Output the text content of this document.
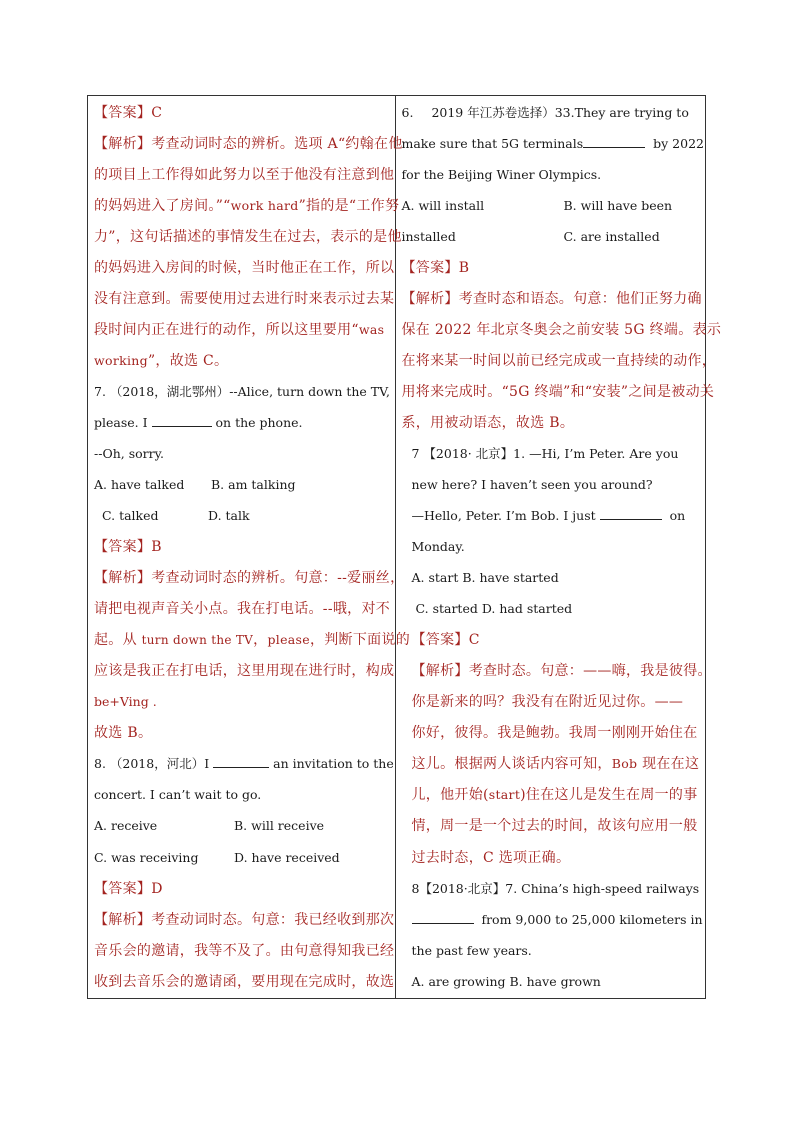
【答案】C
【解析】考查动词时态的辨析。选项 A“约翰在他
的项目上工作得如此努力以至于他没有注意到他
的妈妈进入了房间。”“work hard”指的是“工作努
力”，这句话描述的事情发生在过去，表示的是他
的妈妈进入房间的时候，当时他正在工作，所以
没有注意到。需要使用过去进行时来表示过去某
段时间内正在进行的动作，所以这里要用“was
working”，故选 C。
7. （2018，湖北鄂州）--Alice, turn down the TV,
please. I	on the phone.
--Oh, sorry.
A. have talked B. am talking
C. talked	D. talk
【答案】B
【解析】考查动词时态的辨析。句意：--爱丽丝，
请把电视声音关小点。我在打电话。--哦，对不
起。从 turn down the TV，please，判断下面说的
应该是我正在打电话，这里用现在进行时，构成
be+Ving .
故选 B。
8. （2018，河北）I	an invitation to the
concert. I can’t wait to go.
A. receive	B. will receive
C. was receiving	D. have received
【答案】D
【解析】考查动词时态。句意：我已经收到那次
音乐会的邀请，我等不及了。由句意得知我已经
收到去音乐会的邀请函，要用现在完成时，故选
6. 2019 年江苏卷选择）33.They are trying to
make sure that 5G terminals	by 2022
for the Beijing Winer Olympics.
A. will install	B. will have been
installed	C. are installed
【答案】B
【解析】考查时态和语态。句意：他们正努力确
保在 2022 年北京冬奥会之前安装 5G 终端。表示
在将来某一时间以前已经完成或一直持续的动作，
用将来完成时。“5G 终端”和“安装”之间是被动关
系，用被动语态，故选 B。
7 【2018· 北京】1. —Hi, I’m Peter. Are you
new here? I haven’t seen you around?
—Hello, Peter. I’m Bob. I just	on
Monday.
A. start B. have started
C. started D. had started
【答案】C
【解析】考查时态。句意：——嗨，我是彼得。
你是新来的吗？我没有在附近见过你。——
你好，彼得。我是鲍勃。我周一刚刚开始住在
这儿。根据两人谈话内容可知，Bob 现在在这
儿，他开始(start)住在这儿是发生在周一的事
情，周一是一个过去的时间，故该句应用一般
过去时态，C 选项正确。
8【2018·北京】7. China’s high-speed railways
from 9,000 to 25,000 kilometers in
the past few years.
A. are growing B. have grown
